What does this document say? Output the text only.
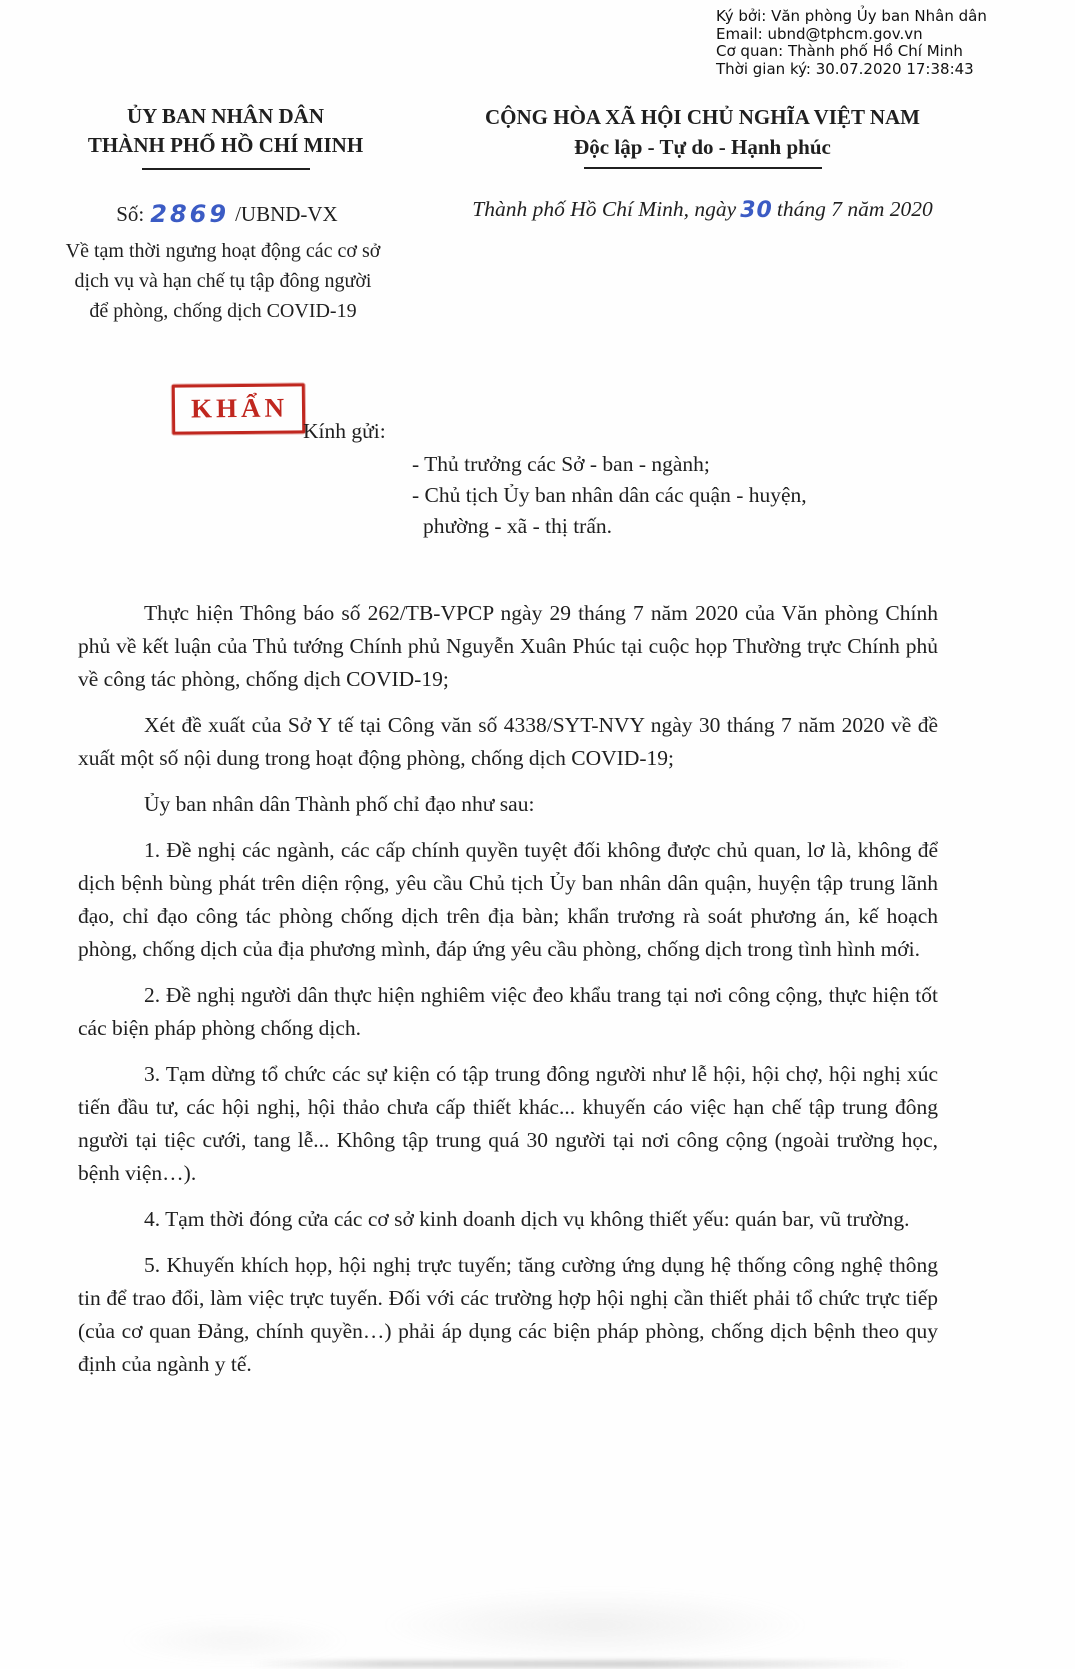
Ký bởi: Văn phòng Ủy ban Nhân dân
Email: ubnd@tphcm.gov.vn
Cơ quan: Thành phố Hồ Chí Minh
Thời gian ký: 30.07.2020 17:38:43
ỦY BAN NHÂN DÂN
THÀNH PHỐ HỒ CHÍ MINH
CỘNG HÒA XÃ HỘI CHỦ NGHĨA VIỆT NAM
Độc lập - Tự do - Hạnh phúc
Số: 2869 /UBND-VX	Thành phố Hồ Chí Minh, ngày 30 tháng 7 năm 2020
Về tạm thời ngưng hoạt động các cơ sở dịch vụ và hạn chế tụ tập đông người để phòng, chống dịch COVID-19
KHẨN
Kính gửi:
- Thủ trưởng các Sở - ban - ngành;
- Chủ tịch Ủy ban nhân dân các quận - huyện,
phường - xã - thị trấn.

Thực hiện Thông báo số 262/TB-VPCP ngày 29 tháng 7 năm 2020 của Văn phòng Chính phủ về kết luận của Thủ tướng Chính phủ Nguyễn Xuân Phúc tại cuộc họp Thường trực Chính phủ về công tác phòng, chống dịch COVID-19;

Xét đề xuất của Sở Y tế tại Công văn số 4338/SYT-NVY ngày 30 tháng 7 năm 2020 về đề xuất một số nội dung trong hoạt động phòng, chống dịch COVID-19;

Ủy ban nhân dân Thành phố chỉ đạo như sau:

1. Đề nghị các ngành, các cấp chính quyền tuyệt đối không được chủ quan, lơ là, không để dịch bệnh bùng phát trên diện rộng, yêu cầu Chủ tịch Ủy ban nhân dân quận, huyện tập trung lãnh đạo, chỉ đạo công tác phòng chống dịch trên địa bàn; khẩn trương rà soát phương án, kế hoạch phòng, chống dịch của địa phương mình, đáp ứng yêu cầu phòng, chống dịch trong tình hình mới.

2. Đề nghị người dân thực hiện nghiêm việc đeo khẩu trang tại nơi công cộng, thực hiện tốt các biện pháp phòng chống dịch.

3. Tạm dừng tổ chức các sự kiện có tập trung đông người như lễ hội, hội chợ, hội nghị xúc tiến đầu tư, các hội nghị, hội thảo chưa cấp thiết khác... khuyến cáo việc hạn chế tập trung đông người tại tiệc cưới, tang lễ... Không tập trung quá 30 người tại nơi công cộng (ngoài trường học, bệnh viện…).

4. Tạm thời đóng cửa các cơ sở kinh doanh dịch vụ không thiết yếu: quán bar, vũ trường.

5. Khuyến khích họp, hội nghị trực tuyến; tăng cường ứng dụng hệ thống công nghệ thông tin để trao đổi, làm việc trực tuyến. Đối với các trường hợp hội nghị cần thiết phải tổ chức trực tiếp (của cơ quan Đảng, chính quyền…) phải áp dụng các biện pháp phòng, chống dịch bệnh theo quy định của ngành y tế.
